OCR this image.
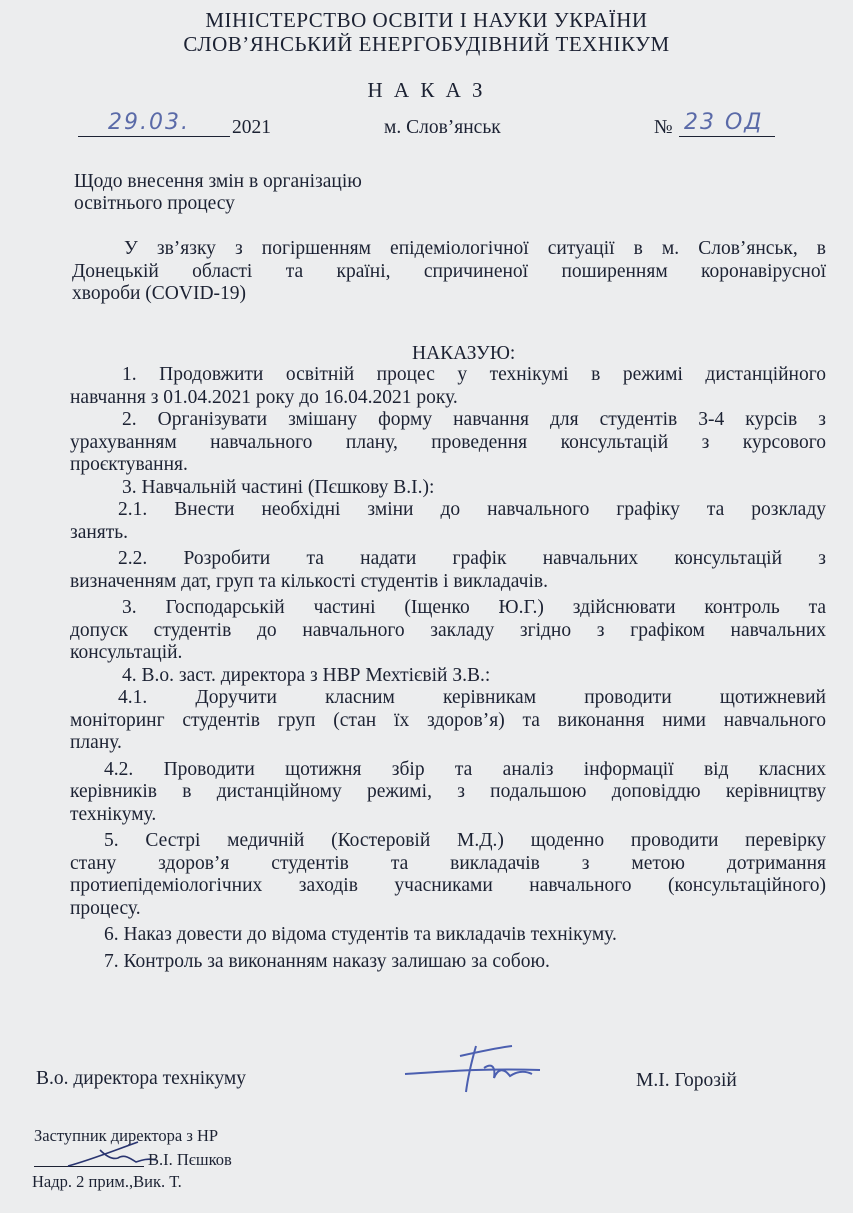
МІНІСТЕРСТВО ОСВІТИ І НАУКИ УКРАЇНИ
СЛОВ’ЯНСЬКИЙ ЕНЕРГОБУДІВНИЙ ТЕХНІКУМ
Н А К А З
29.03. 2021	м. Слов’янськ	№ 23 ОД
Щодо внесення змін в організацію
освітнього процесу
У зв’язку з погіршенням епідеміологічної ситуації в м. Слов’янськ, в
Донецькій області та країні, спричиненої поширенням коронавірусної
хвороби (COVID-19)
НАКАЗУЮ:
1. Продовжити освітній процес у технікумі в режимі дистанційного
навчання з 01.04.2021 року до 16.04.2021 року.
2. Організувати змішану форму навчання для студентів 3-4 курсів з
урахуванням навчального плану, проведення консультацій з курсового
проєктування.
3. Навчальній частині (Пєшкову В.І.):
2.1. Внести необхідні зміни до навчального графіку та розкладу
занять.
2.2. Розробити та надати графік навчальних консультацій з
визначенням дат, груп та кількості студентів і викладачів.
3. Господарській частині (Іщенко Ю.Г.) здійснювати контроль та
допуск студентів до навчального закладу згідно з графіком навчальних
консультацій.
4. В.о. заст. директора з НВР Мехтієвій З.В.:
4.1. Доручити класним керівникам проводити щотижневий
моніторинг студентів груп (стан їх здоров’я) та виконання ними навчального
плану.
4.2. Проводити щотижня збір та аналіз інформації від класних
керівників в дистанційному режимі, з подальшою доповіддю керівництву
технікуму.
5. Сестрі медичній (Костеровій М.Д.) щоденно проводити перевірку
стану здоров’я студентів та викладачів з метою дотримання
протиепідеміологічних заходів учасниками навчального (консультаційного)
процесу.
6. Наказ довести до відома студентів та викладачів технікуму.
7. Контроль за виконанням наказу залишаю за собою.
В.о. директора технікуму	М.І. Горозій
Заступник директора з НР
В.І. Пєшков
Надр. 2 прим.,Вик. Т.
